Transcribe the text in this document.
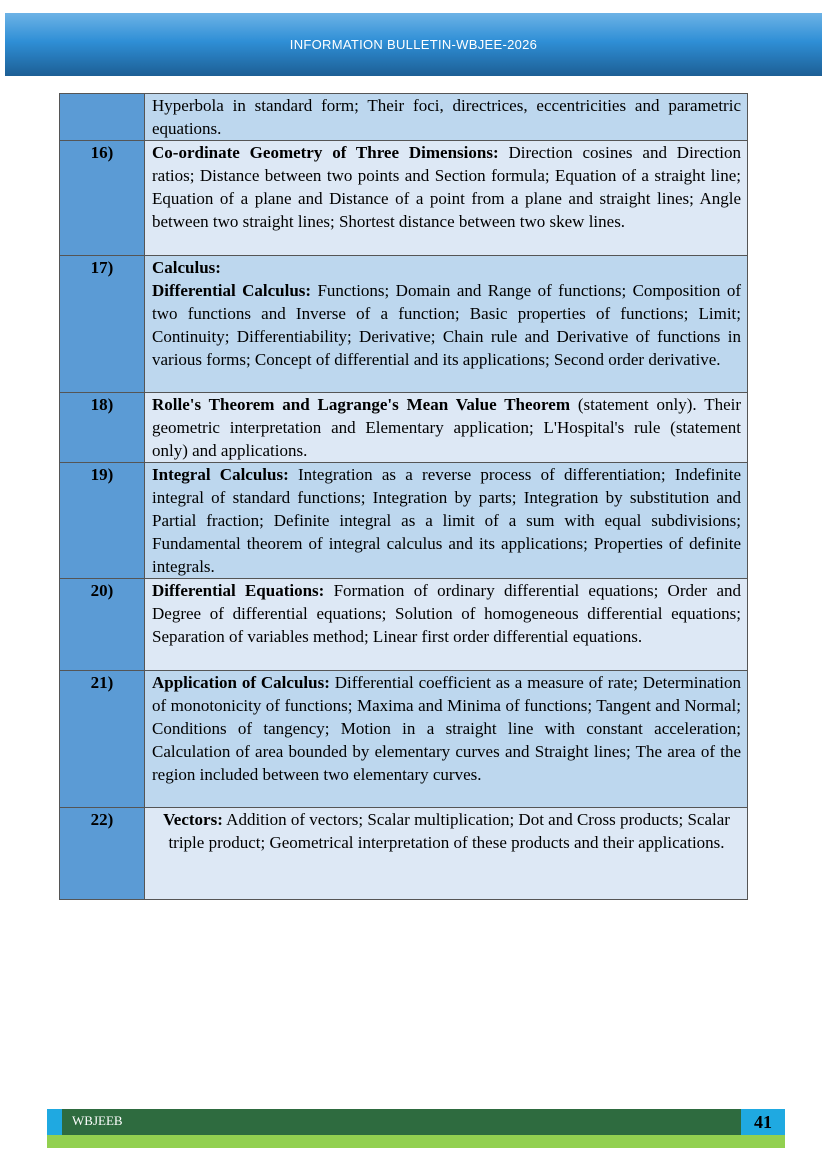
INFORMATION BULLETIN-WBJEE-2026
	Hyperbola in standard form; Their foci, directrices, eccentricities and parametric equations.
16)	Co-ordinate Geometry of Three Dimensions: Direction cosines and Direction ratios; Distance between two points and Section formula; Equation of a straight line; Equation of a plane and Distance of a point from a plane and straight lines; Angle between two straight lines; Shortest distance between two skew lines.
17)	Calculus:
Differential Calculus: Functions; Domain and Range of functions; Composition of two functions and Inverse of a function; Basic properties of functions; Limit; Continuity; Differentiability; Derivative; Chain rule and Derivative of functions in various forms; Concept of differential and its applications; Second order derivative.
18)	Rolle's Theorem and Lagrange's Mean Value Theorem (statement only). Their geometric interpretation and Elementary application; L'Hospital's rule (statement only) and applications.
19)	Integral Calculus: Integration as a reverse process of differentiation; Indefinite integral of standard functions; Integration by parts; Integration by substitution and Partial fraction; Definite integral as a limit of a sum with equal subdivisions; Fundamental theorem of integral calculus and its applications; Properties of definite integrals.
20)	Differential Equations: Formation of ordinary differential equations; Order and Degree of differential equations; Solution of homogeneous differential equations; Separation of variables method; Linear first order differential equations.
21)	Application of Calculus: Differential coefficient as a measure of rate; Determination of monotonicity of functions; Maxima and Minima of functions; Tangent and Normal; Conditions of tangency; Motion in a straight line with constant acceleration; Calculation of area bounded by elementary curves and Straight lines; The area of the region included between two elementary curves.
22)	Vectors: Addition of vectors; Scalar multiplication; Dot and Cross products; Scalar triple product; Geometrical interpretation of these products and their applications.
41
WBJEEB
